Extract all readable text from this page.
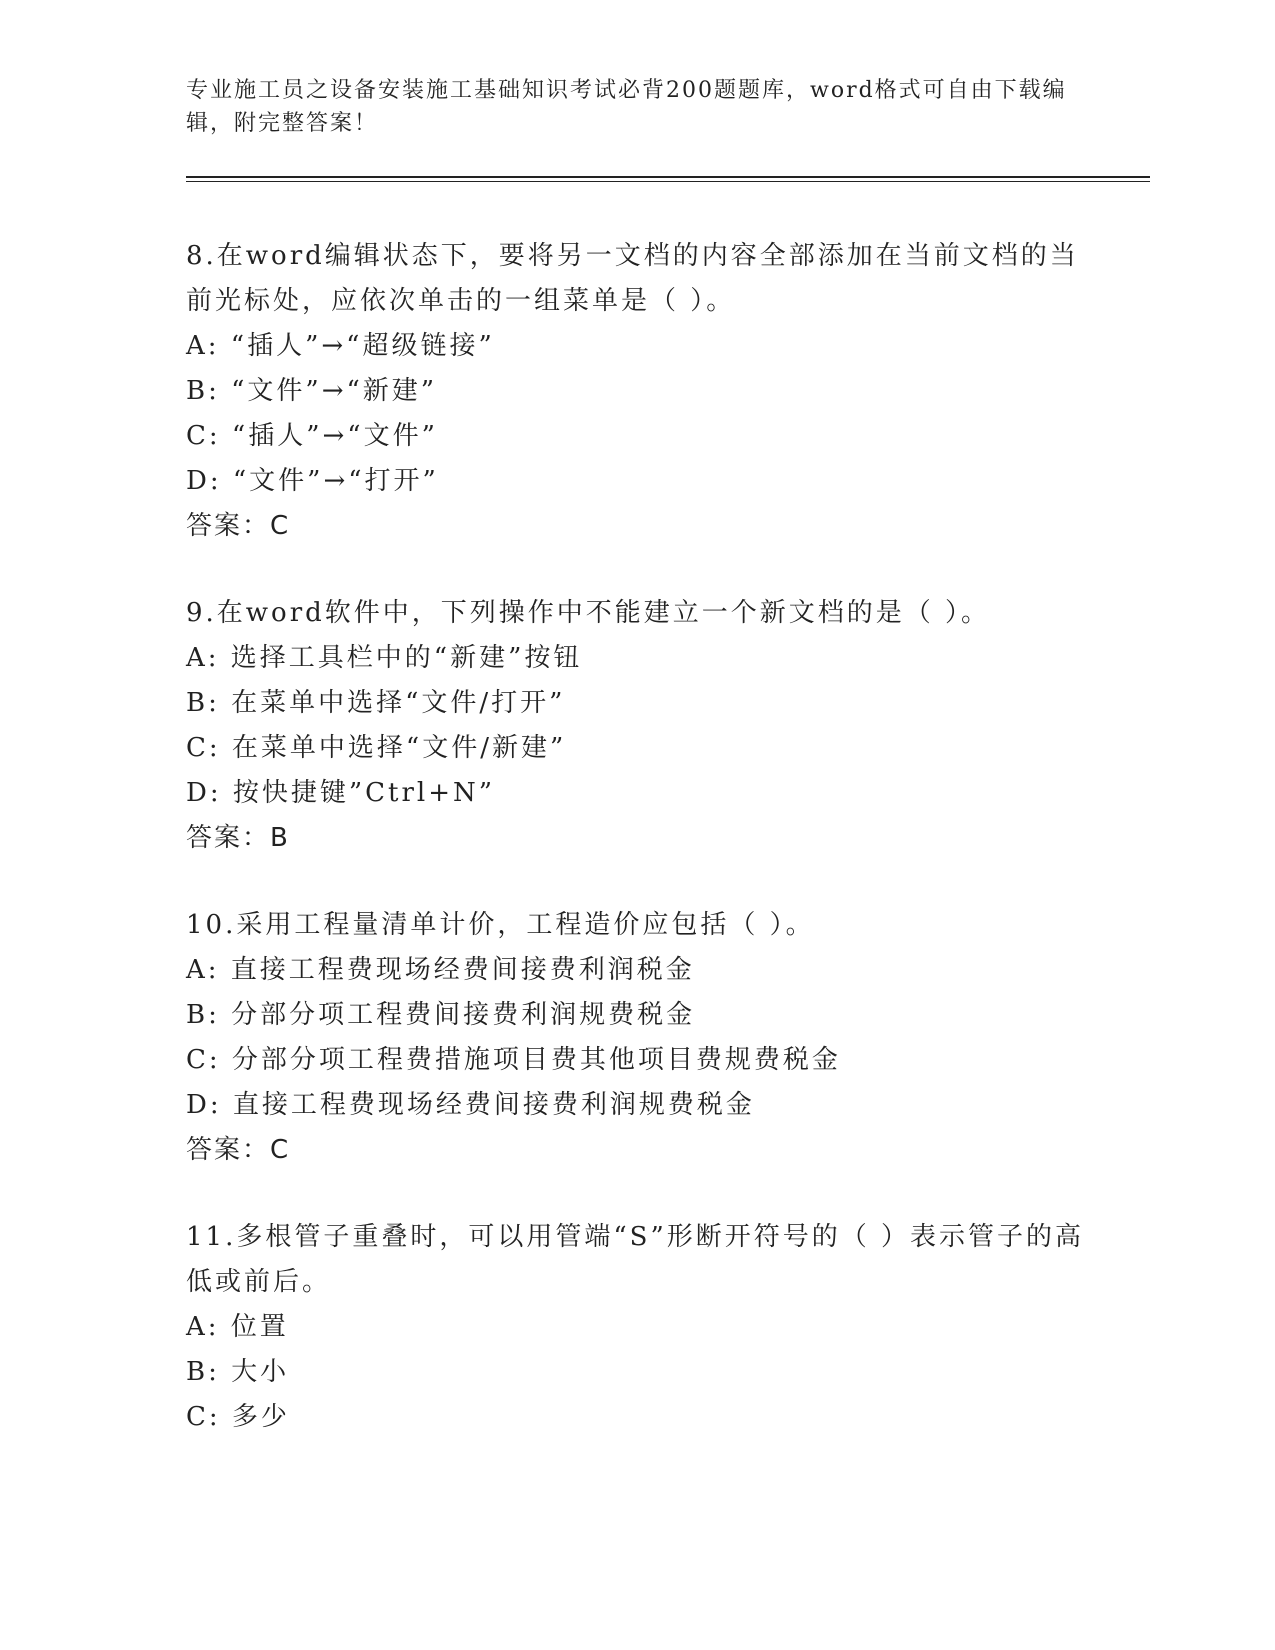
专业施工员之设备安装施工基础知识考试必背200题题库，word格式可自由下载编辑，附完整答案！

8.在word编辑状态下，要将另一文档的内容全部添加在当前文档的当前光标处，应依次单击的一组菜单是（ ）。

A: “插人”→“超级链接”

B: “文件”→“新建”

C: “插人”→“文件”

D: “文件”→“打开”

答案：C

9.在word软件中，下列操作中不能建立一个新文档的是（ ）。

A: 选择工具栏中的“新建”按钮

B: 在菜单中选择“文件/打开”

C: 在菜单中选择“文件/新建”

D: 按快捷键”Ctrl+N”

答案：B

10.采用工程量清单计价，工程造价应包括（ ）。

A: 直接工程费现场经费间接费利润税金

B: 分部分项工程费间接费利润规费税金

C: 分部分项工程费措施项目费其他项目费规费税金

D: 直接工程费现场经费间接费利润规费税金

答案：C

11.多根管子重叠时，可以用管端“S”形断开符号的（ ）表示管子的高低或前后。

A: 位置

B: 大小

C: 多少
